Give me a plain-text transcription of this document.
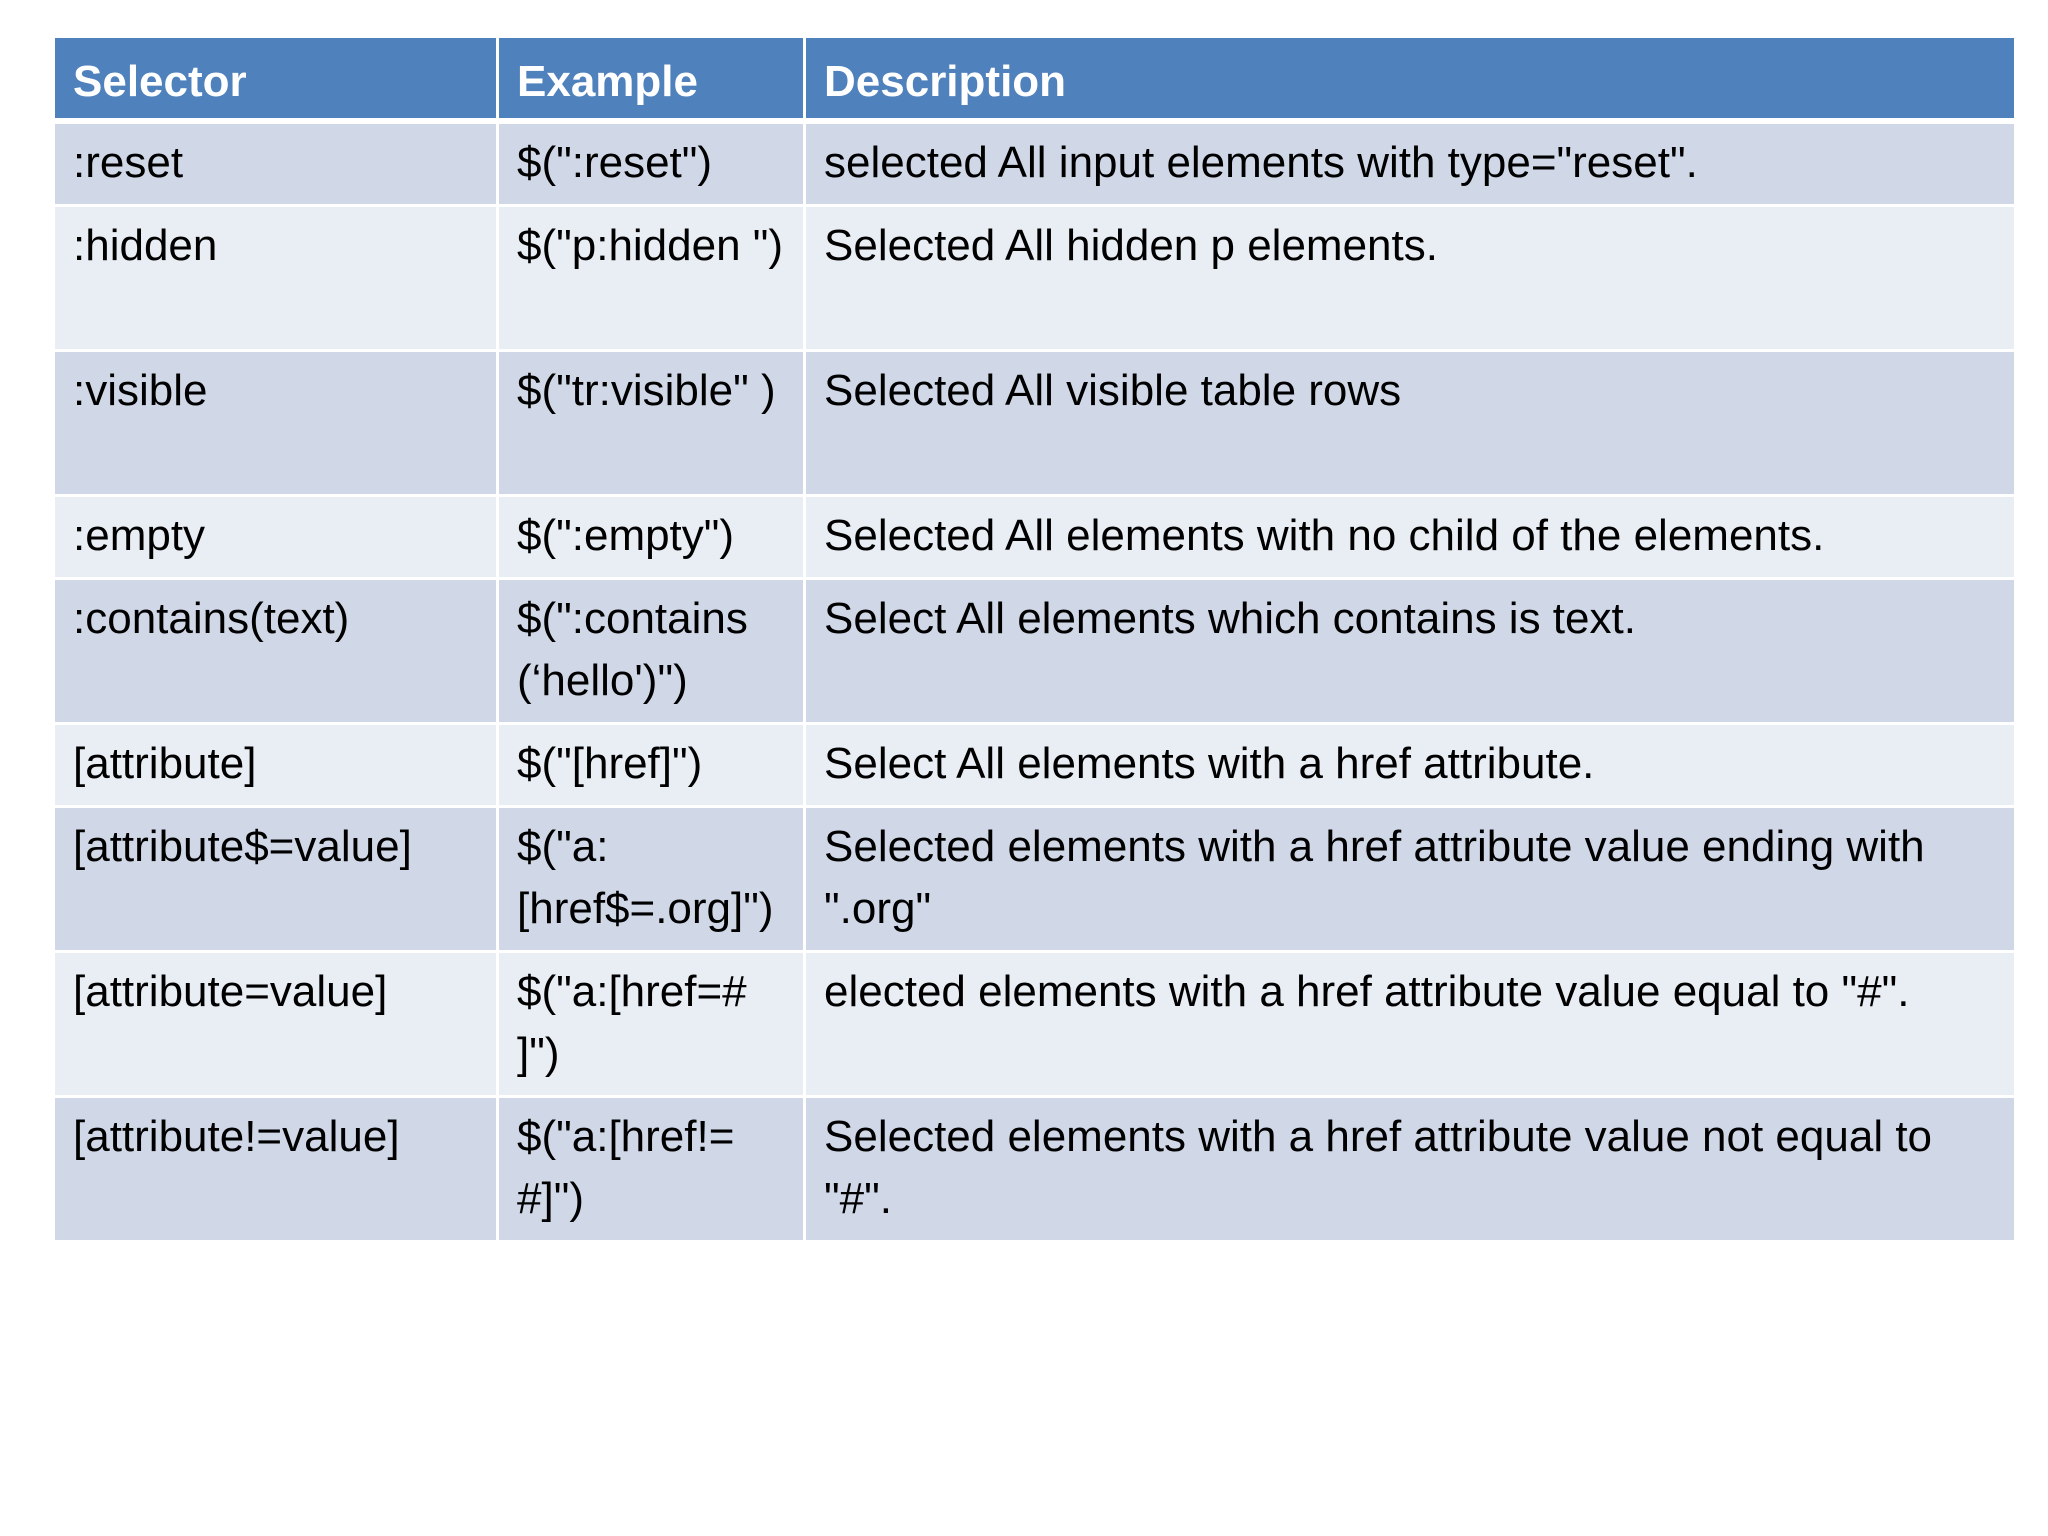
Selector	Example	Description
:reset	$(":reset")	selected All input elements with type="reset".
:hidden	$("p:hidden ")	Selected All hidden p elements.
:visible	$("tr:visible" )	Selected All visible table rows
:empty	$(":empty")	Selected All elements with no child of the elements.
:contains(text)	$(":contains (‘hello')")	Select All elements which contains is text.
[attribute]	$("[href]")	Select All elements with a href attribute.
[attribute$=value]	$("a:[href$=.org]")	Selected elements with a href attribute value ending with ".org"
[attribute=value]	$("a:[href=# ]")	elected elements with a href attribute value equal to "#".
[attribute!=value]	$("a:[href!= #]")	Selected elements with a href attribute value not equal to "#".
